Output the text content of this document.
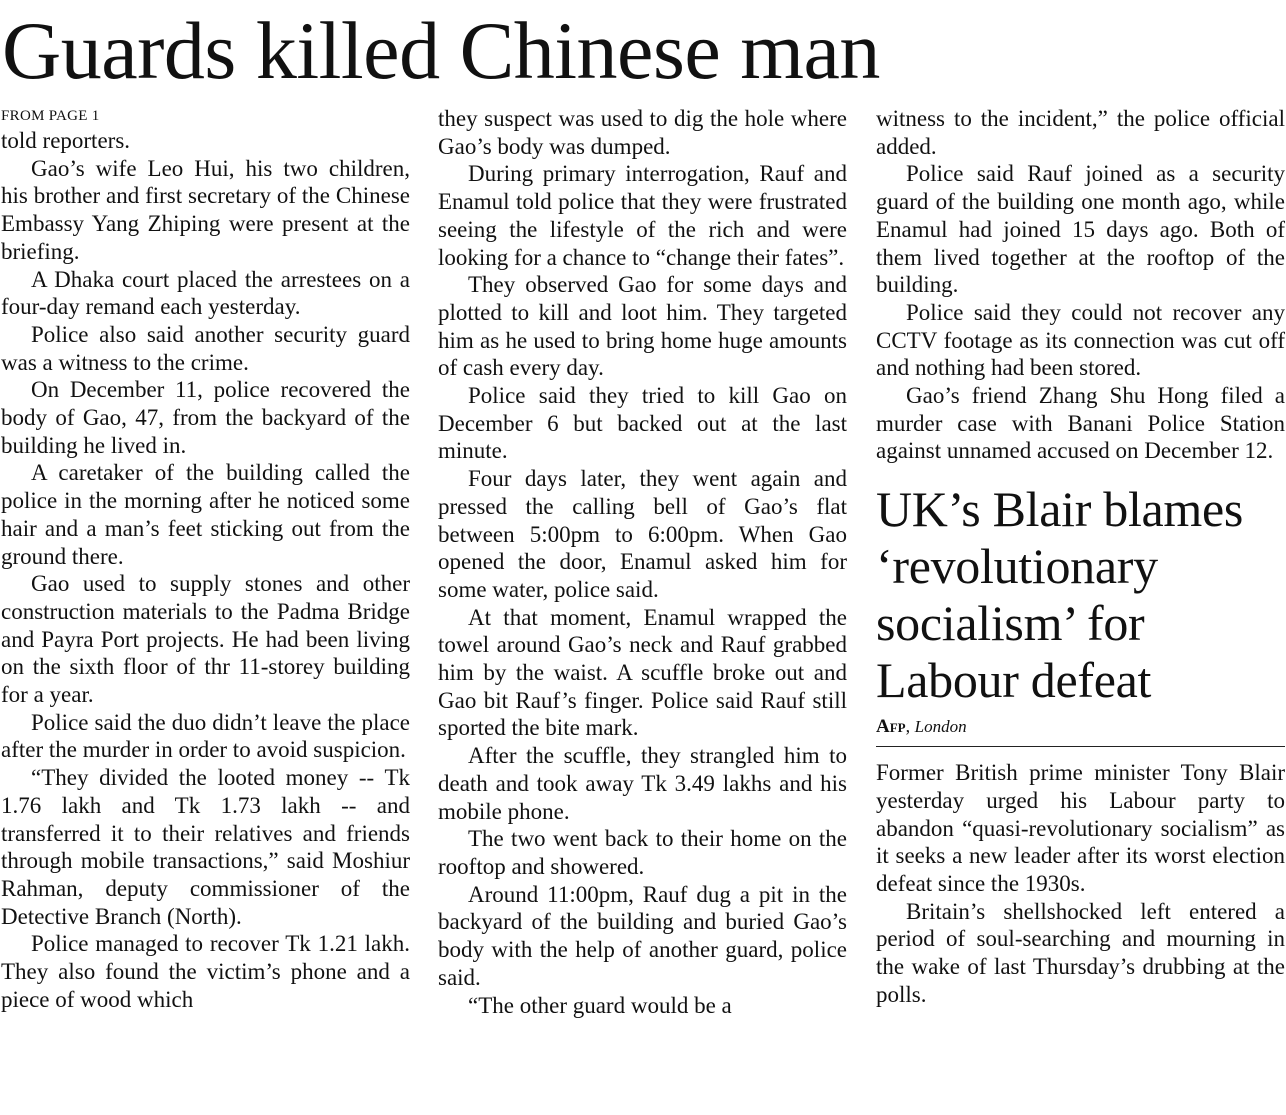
Guards killed Chinese man
FROM PAGE 1

told reporters.

Gao’s wife Leo Hui, his two children, his brother and first secretary of the Chinese Embassy Yang Zhiping were present at the briefing.

A Dhaka court placed the arrestees on a four-day remand each yesterday.

Police also said another security guard was a witness to the crime.

On December 11, police recovered the body of Gao, 47, from the backyard of the building he lived in.

A caretaker of the building called the police in the morning after he noticed some hair and a man’s feet sticking out from the ground there.

Gao used to supply stones and other construction materials to the Padma Bridge and Payra Port projects. He had been living on the sixth floor of thr 11-storey building for a year.

Police said the duo didn’t leave the place after the murder in order to avoid suspicion.

“They divided the looted money -- Tk 1.76 lakh and Tk 1.73 lakh -- and transferred it to their relatives and friends through mobile transactions,” said Moshiur Rahman, deputy commissioner of the Detective Branch (North).

Police managed to recover Tk 1.21 lakh. They also found the victim’s phone and a piece of wood which

they suspect was used to dig the hole where Gao’s body was dumped.

During primary interrogation, Rauf and Enamul told police that they were frustrated seeing the lifestyle of the rich and were looking for a chance to “change their fates”.

They observed Gao for some days and plotted to kill and loot him. They targeted him as he used to bring home huge amounts of cash every day.

Police said they tried to kill Gao on December 6 but backed out at the last minute.

Four days later, they went again and pressed the calling bell of Gao’s flat between 5:00pm to 6:00pm. When Gao opened the door, Enamul asked him for some water, police said.

At that moment, Enamul wrapped the towel around Gao’s neck and Rauf grabbed him by the waist. A scuffle broke out and Gao bit Rauf’s finger. Police said Rauf still sported the bite mark.

After the scuffle, they strangled him to death and took away Tk 3.49 lakhs and his mobile phone.

The two went back to their home on the rooftop and showered.

Around 11:00pm, Rauf dug a pit in the backyard of the building and buried Gao’s body with the help of another guard, police said.

“The other guard would be a

witness to the incident,” the police official added.

Police said Rauf joined as a security guard of the building one month ago, while Enamul had joined 15 days ago. Both of them lived together at the rooftop of the building.

Police said they could not recover any CCTV footage as its connection was cut off and nothing had been stored.

Gao’s friend Zhang Shu Hong filed a murder case with Banani Police Station against unnamed accused on December 12.

UK’s Blair blames ‘revolutionary socialism’ for Labour defeat
Afp, London

Former British prime minister Tony Blair yesterday urged his Labour party to abandon “quasi-revolutionary socialism” as it seeks a new leader after its worst election defeat since the 1930s.

Britain’s shellshocked left entered a period of soul-searching and mourning in the wake of last Thursday’s drubbing at the polls.
